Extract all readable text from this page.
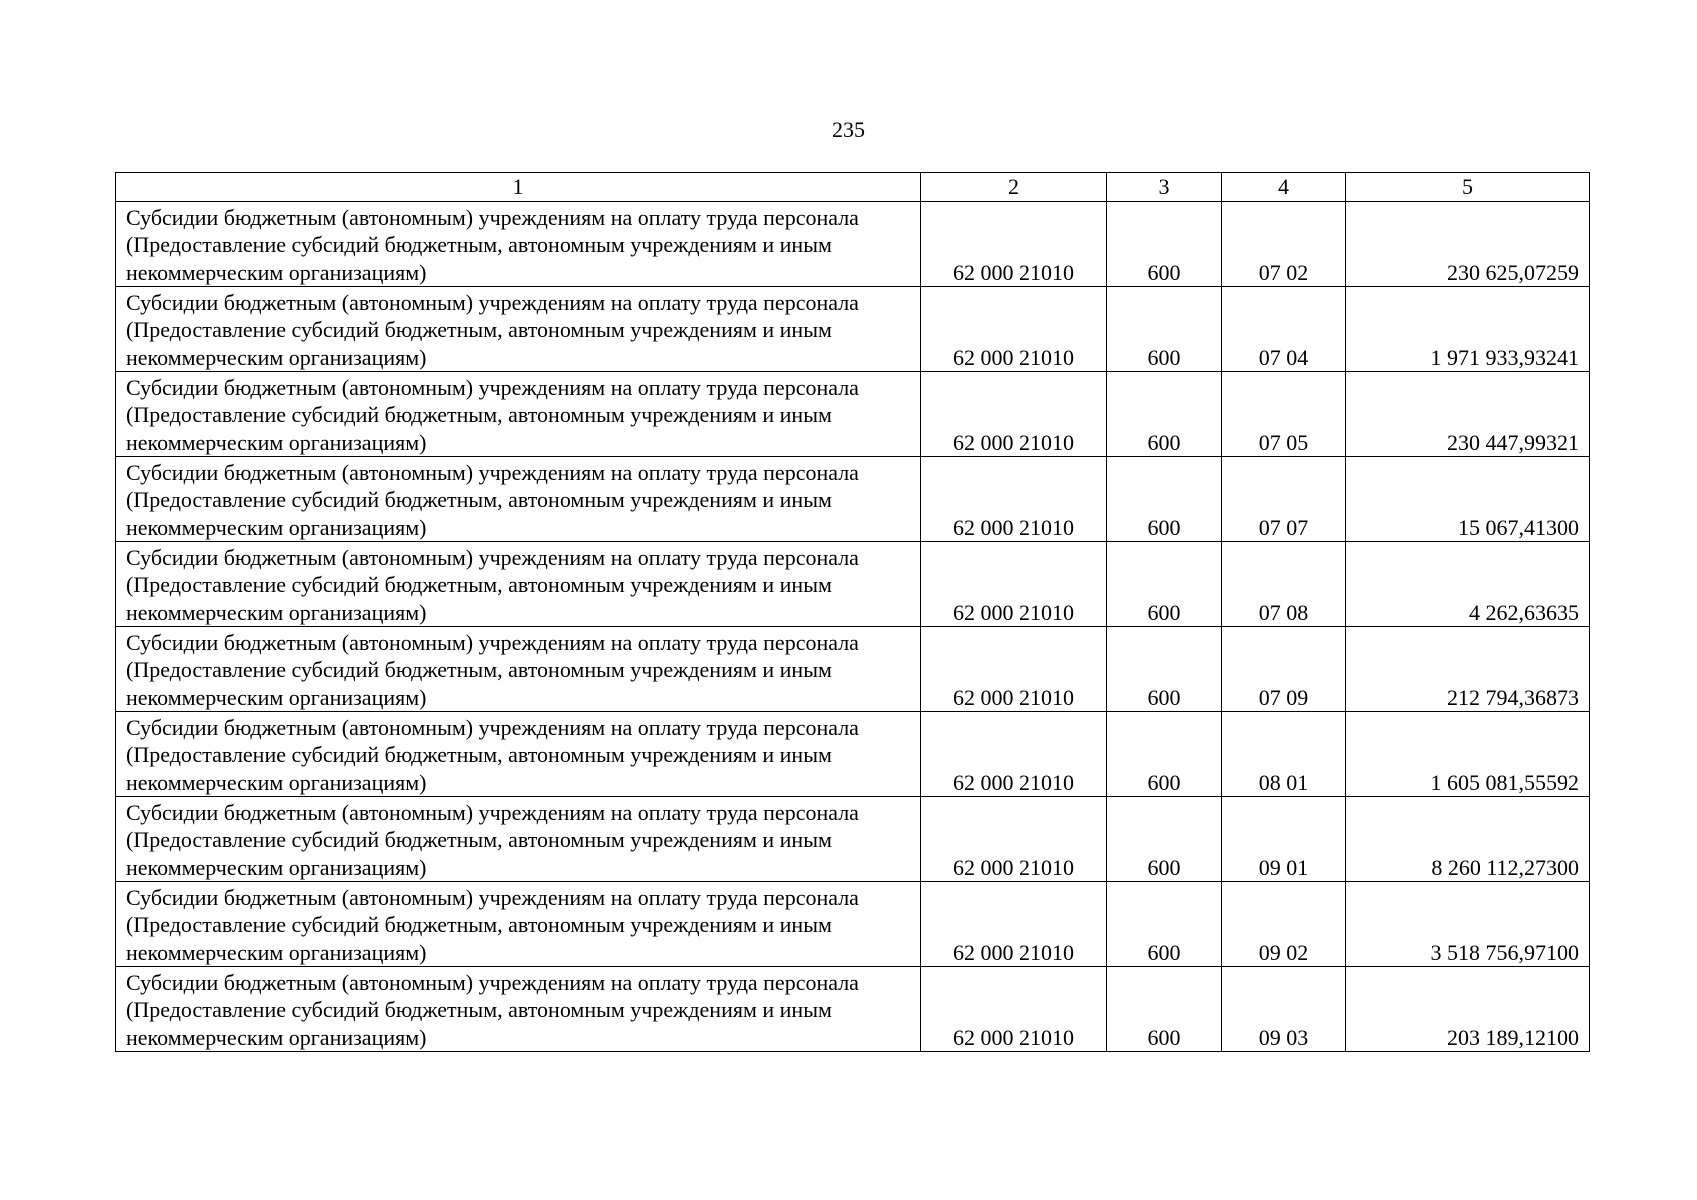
235
1	2	3	4	5
Субсидии бюджетным (автономным) учреждениям на оплату труда персонала (Предоставление субсидий бюджетным, автономным учреждениям и иным некоммерческим организациям)	62 000 21010	600	07 02	230 625,07259
Субсидии бюджетным (автономным) учреждениям на оплату труда персонала (Предоставление субсидий бюджетным, автономным учреждениям и иным некоммерческим организациям)	62 000 21010	600	07 04	1 971 933,93241
Субсидии бюджетным (автономным) учреждениям на оплату труда персонала (Предоставление субсидий бюджетным, автономным учреждениям и иным некоммерческим организациям)	62 000 21010	600	07 05	230 447,99321
Субсидии бюджетным (автономным) учреждениям на оплату труда персонала (Предоставление субсидий бюджетным, автономным учреждениям и иным некоммерческим организациям)	62 000 21010	600	07 07	15 067,41300
Субсидии бюджетным (автономным) учреждениям на оплату труда персонала (Предоставление субсидий бюджетным, автономным учреждениям и иным некоммерческим организациям)	62 000 21010	600	07 08	4 262,63635
Субсидии бюджетным (автономным) учреждениям на оплату труда персонала (Предоставление субсидий бюджетным, автономным учреждениям и иным некоммерческим организациям)	62 000 21010	600	07 09	212 794,36873
Субсидии бюджетным (автономным) учреждениям на оплату труда персонала (Предоставление субсидий бюджетным, автономным учреждениям и иным некоммерческим организациям)	62 000 21010	600	08 01	1 605 081,55592
Субсидии бюджетным (автономным) учреждениям на оплату труда персонала (Предоставление субсидий бюджетным, автономным учреждениям и иным некоммерческим организациям)	62 000 21010	600	09 01	8 260 112,27300
Субсидии бюджетным (автономным) учреждениям на оплату труда персонала (Предоставление субсидий бюджетным, автономным учреждениям и иным некоммерческим организациям)	62 000 21010	600	09 02	3 518 756,97100
Субсидии бюджетным (автономным) учреждениям на оплату труда персонала (Предоставление субсидий бюджетным, автономным учреждениям и иным некоммерческим организациям)	62 000 21010	600	09 03	203 189,12100
